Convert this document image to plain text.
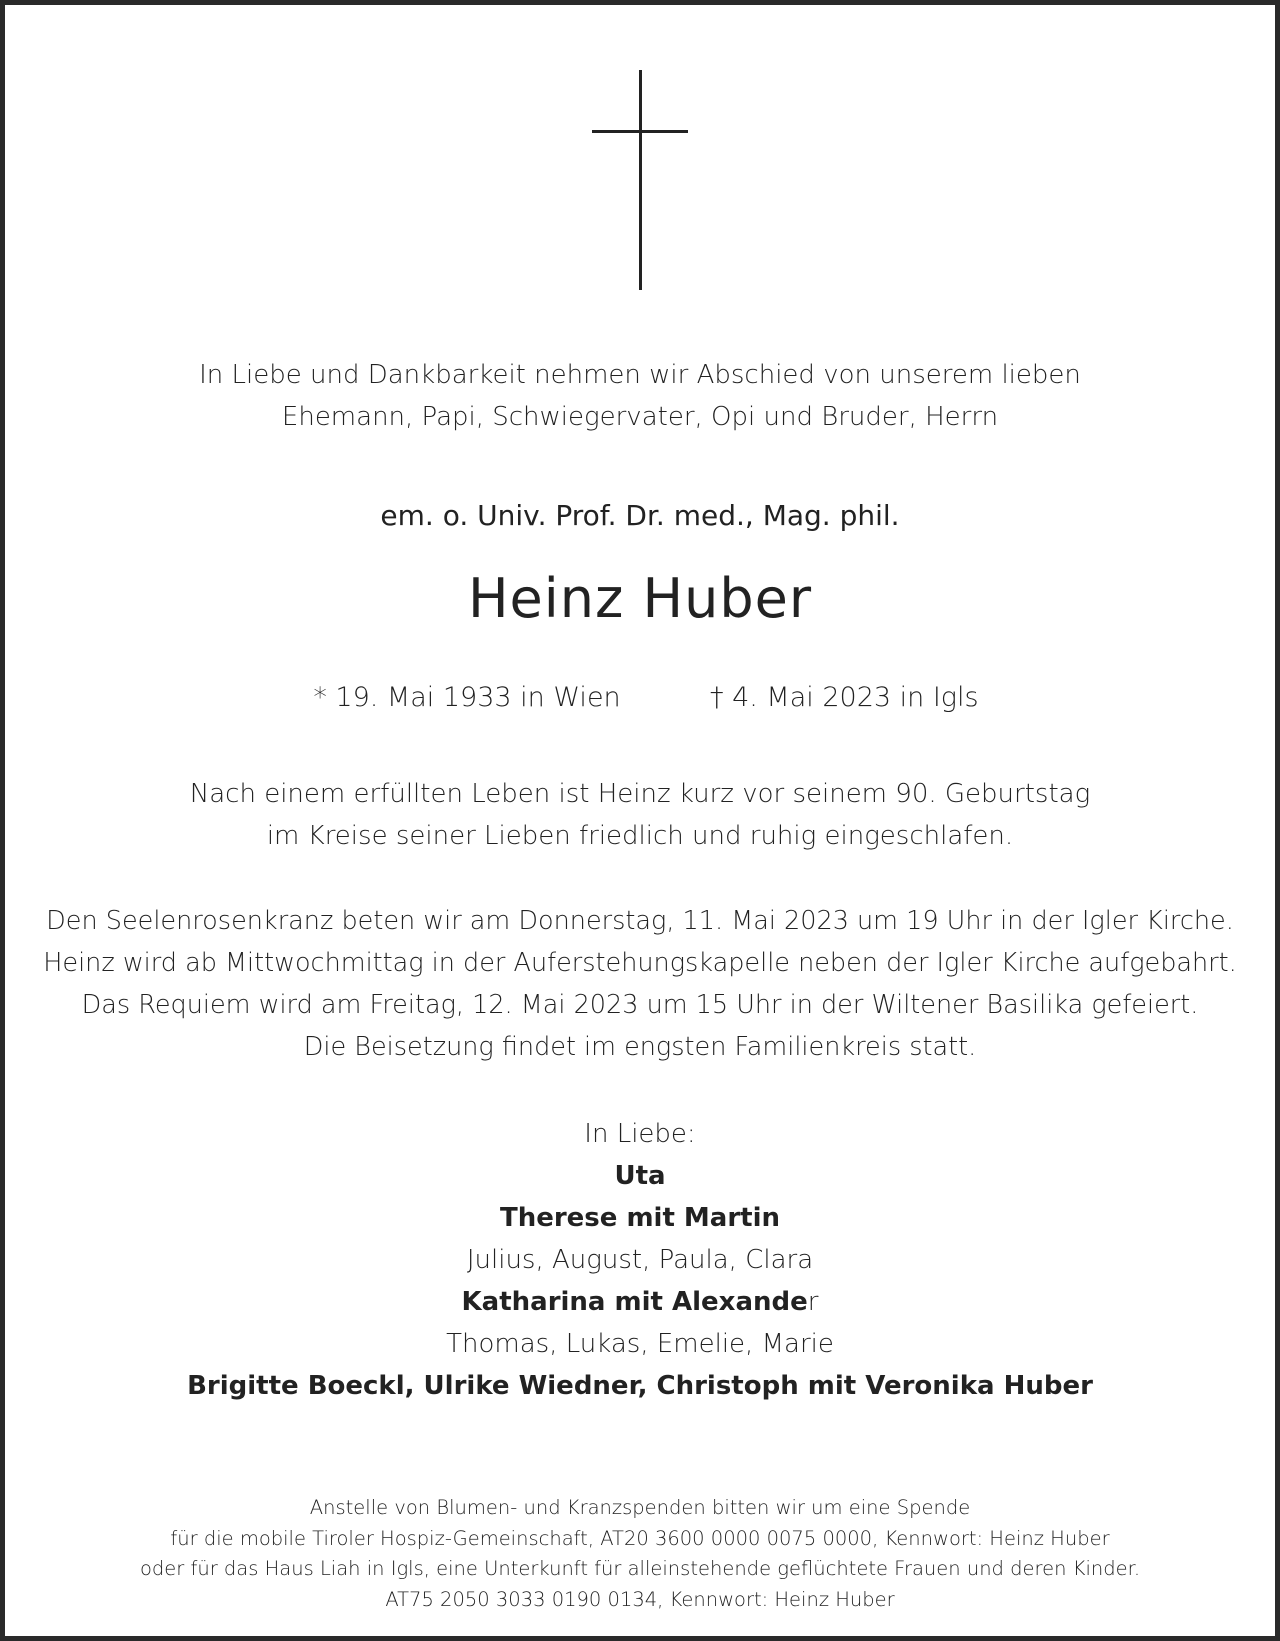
In Liebe und Dankbarkeit nehmen wir Abschied von unserem lieben

Ehemann, Papi, Schwiegervater, Opi und Bruder, Herrn

em. o. Univ. Prof. Dr. med., Mag. phil.
Heinz Huber
* 19. Mai 1933 in Wien	† 4. Mai 2023 in Igls

Nach einem erfüllten Leben ist Heinz kurz vor seinem 90. Geburtstag

im Kreise seiner Lieben friedlich und ruhig eingeschlafen.

Den Seelenrosenkranz beten wir am Donnerstag, 11. Mai 2023 um 19 Uhr in der Igler Kirche.

Heinz wird ab Mittwochmittag in der Auferstehungskapelle neben der Igler Kirche aufgebahrt.

Das Requiem wird am Freitag, 12. Mai 2023 um 15 Uhr in der Wiltener Basilika gefeiert.

Die Beisetzung findet im engsten Familienkreis statt.

In Liebe:

Uta

Therese mit Martin

Julius, August, Paula, Clara

Katharina mit Alexander

Thomas, Lukas, Emelie, Marie

Brigitte Boeckl, Ulrike Wiedner, Christoph mit Veronika Huber

Anstelle von Blumen- und Kranzspenden bitten wir um eine Spende

für die mobile Tiroler Hospiz-Gemeinschaft, AT20 3600 0000 0075 0000, Kennwort: Heinz Huber

oder für das Haus Liah in Igls, eine Unterkunft für alleinstehende geflüchtete Frauen und deren Kinder.

AT75 2050 3033 0190 0134, Kennwort: Heinz Huber
